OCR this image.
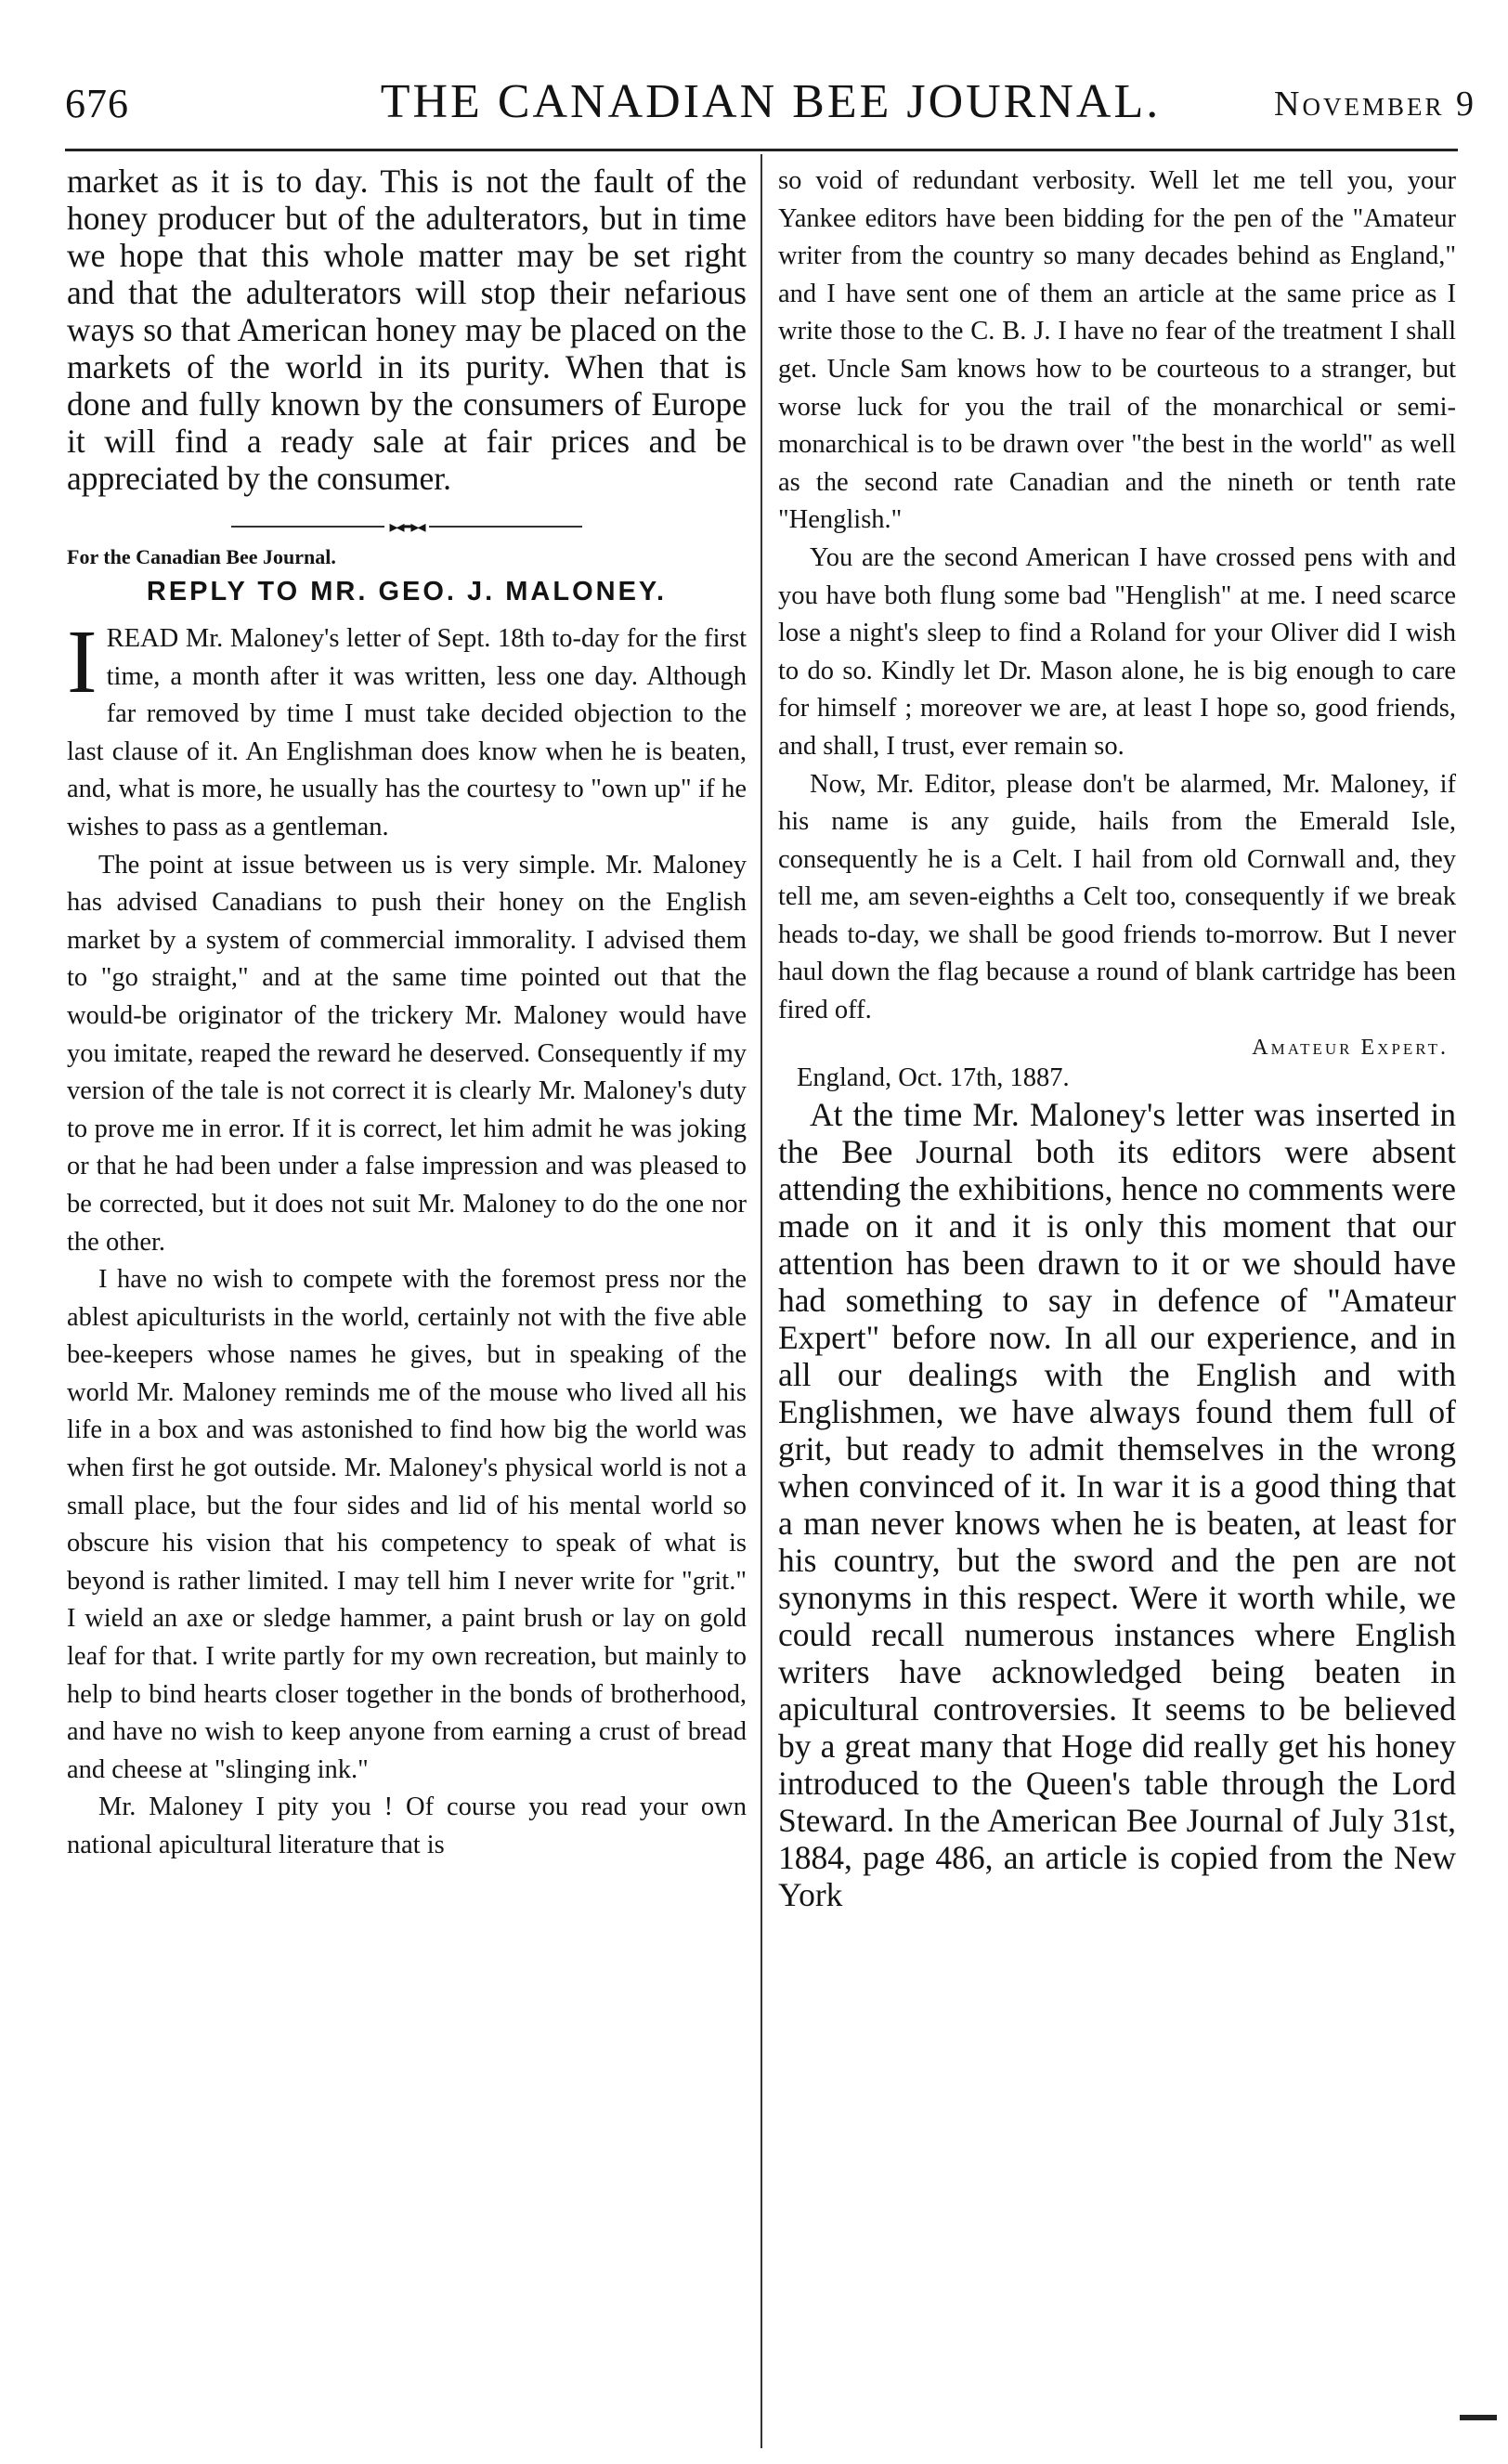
676	THE CANADIAN BEE JOURNAL.	November 9

market as it is to day. This is not the fault of the honey producer but of the adulterators, but in time we hope that this whole matter may be set right and that the adulterators will stop their nefarious ways so that American honey may be placed on the markets of the world in its purity. When that is done and fully known by the consumers of Europe it will find a ready sale at fair prices and be appreciated by the consumer.

▸◂━▸◂
For the Canadian Bee Journal.
REPLY TO MR. GEO. J. MALONEY.

IREAD Mr. Maloney's letter of Sept. 18th to-day for the first time, a month after it was written, less one day. Although far removed by time I must take decided objection to the last clause of it. An Englishman does know when he is beaten, and, what is more, he usually has the courtesy to "own up" if he wishes to pass as a gentleman.

The point at issue between us is very simple. Mr. Maloney has advised Canadians to push their honey on the English market by a system of commercial immorality. I advised them to "go straight," and at the same time pointed out that the would-be originator of the trickery Mr. Maloney would have you imitate, reaped the reward he deserved. Consequently if my version of the tale is not correct it is clearly Mr. Maloney's duty to prove me in error. If it is correct, let him admit he was joking or that he had been under a false impression and was pleased to be corrected, but it does not suit Mr. Maloney to do the one nor the other.

I have no wish to compete with the foremost press nor the ablest apiculturists in the world, certainly not with the five able bee-keepers whose names he gives, but in speaking of the world Mr. Maloney reminds me of the mouse who lived all his life in a box and was astonished to find how big the world was when first he got outside. Mr. Maloney's physical world is not a small place, but the four sides and lid of his mental world so obscure his vision that his competency to speak of what is beyond is rather limited. I may tell him I never write for "grit." I wield an axe or sledge hammer, a paint brush or lay on gold leaf for that. I write partly for my own recreation, but mainly to help to bind hearts closer together in the bonds of brotherhood, and have no wish to keep anyone from earning a crust of bread and cheese at "slinging ink."

Mr. Maloney I pity you ! Of course you read your own national apicultural literature that is

so void of redundant verbosity. Well let me tell you, your Yankee editors have been bidding for the pen of the "Amateur writer from the country so many decades behind as England," and I have sent one of them an article at the same price as I write those to the C. B. J. I have no fear of the treatment I shall get. Uncle Sam knows how to be courteous to a stranger, but worse luck for you the trail of the monarchical or semi-monarchical is to be drawn over "the best in the world" as well as the second rate Canadian and the nineth or tenth rate "Henglish."

You are the second American I have crossed pens with and you have both flung some bad "Henglish" at me. I need scarce lose a night's sleep to find a Roland for your Oliver did I wish to do so. Kindly let Dr. Mason alone, he is big enough to care for himself ; moreover we are, at least I hope so, good friends, and shall, I trust, ever remain so.

Now, Mr. Editor, please don't be alarmed, Mr. Maloney, if his name is any guide, hails from the Emerald Isle, consequently he is a Celt. I hail from old Cornwall and, they tell me, am seven-eighths a Celt too, consequently if we break heads to-day, we shall be good friends to-morrow. But I never haul down the flag because a round of blank cartridge has been fired off.

Amateur Expert.
England, Oct. 17th, 1887.

At the time Mr. Maloney's letter was inserted in the Bee Journal both its editors were absent attending the exhibitions, hence no comments were made on it and it is only this moment that our attention has been drawn to it or we should have had something to say in defence of "Amateur Expert" before now. In all our experience, and in all our dealings with the English and with Englishmen, we have always found them full of grit, but ready to admit themselves in the wrong when convinced of it. In war it is a good thing that a man never knows when he is beaten, at least for his country, but the sword and the pen are not synonyms in this respect. Were it worth while, we could recall numerous instances where English writers have acknowledged being beaten in apicultural controversies. It seems to be believed by a great many that Hoge did really get his honey introduced to the Queen's table through the Lord Steward. In the American Bee Journal of July 31st, 1884, page 486, an article is copied from the New York
